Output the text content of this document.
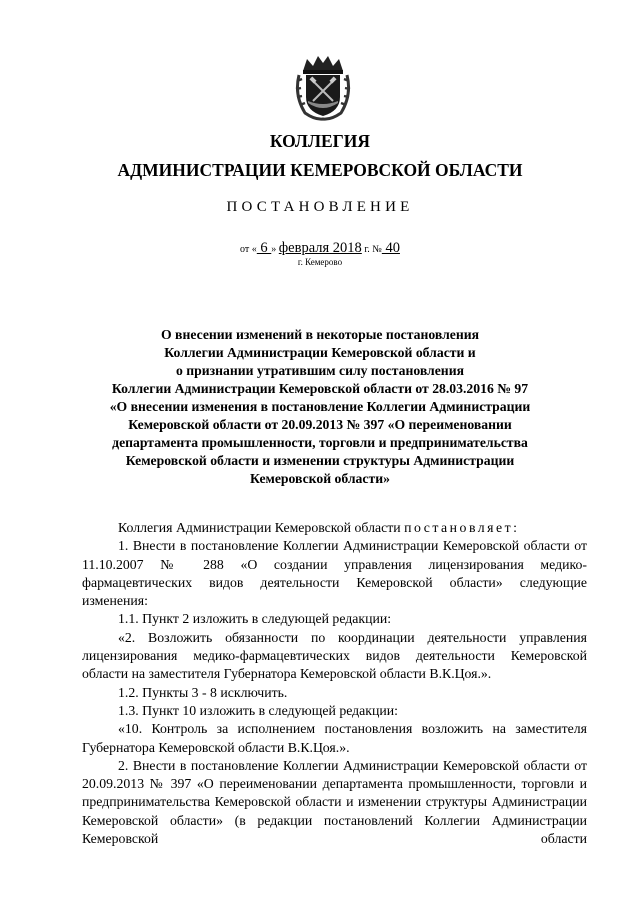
КОЛЛЕГИЯ
АДМИНИСТРАЦИИ КЕМЕРОВСКОЙ ОБЛАСТИ
ПОСТАНОВЛЕНИЕ
от « 6 » февраля 2018 г. № 40
г. Кемерово
О внесении изменений в некоторые постановления
Коллегии Администрации Кемеровской области и
о признании утратившим силу постановления
Коллегии Администрации Кемеровской области от 28.03.2016 № 97
«О внесении изменения в постановление Коллегии Администрации
Кемеровской области от 20.09.2013 № 397 «О переименовании
департамента промышленности, торговли и предпринимательства
Кемеровской области и изменении структуры Администрации
Кемеровской области»

Коллегия Администрации Кемеровской области постановляет:

1. Внести в постановление Коллегии Администрации Кемеровской области от 11.10.2007 № 288 «О создании управления лицензирования медико-фармацевтических видов деятельности Кемеровской области» следующие изменения:

1.1. Пункт 2 изложить в следующей редакции:

«2. Возложить обязанности по координации деятельности управления лицензирования медико-фармацевтических видов деятельности Кемеровской области на заместителя Губернатора Кемеровской области В.К.Цоя.».

1.2. Пункты 3 - 8 исключить.

1.3. Пункт 10 изложить в следующей редакции:

«10. Контроль за исполнением постановления возложить на заместителя Губернатора Кемеровской области В.К.Цоя.».

2. Внести в постановление Коллегии Администрации Кемеровской области от 20.09.2013 № 397 «О переименовании департамента промышленности, торговли и предпринимательства Кемеровской области и изменении структуры Администрации Кемеровской области» (в редакции постановлений Коллегии Администрации Кемеровской области
